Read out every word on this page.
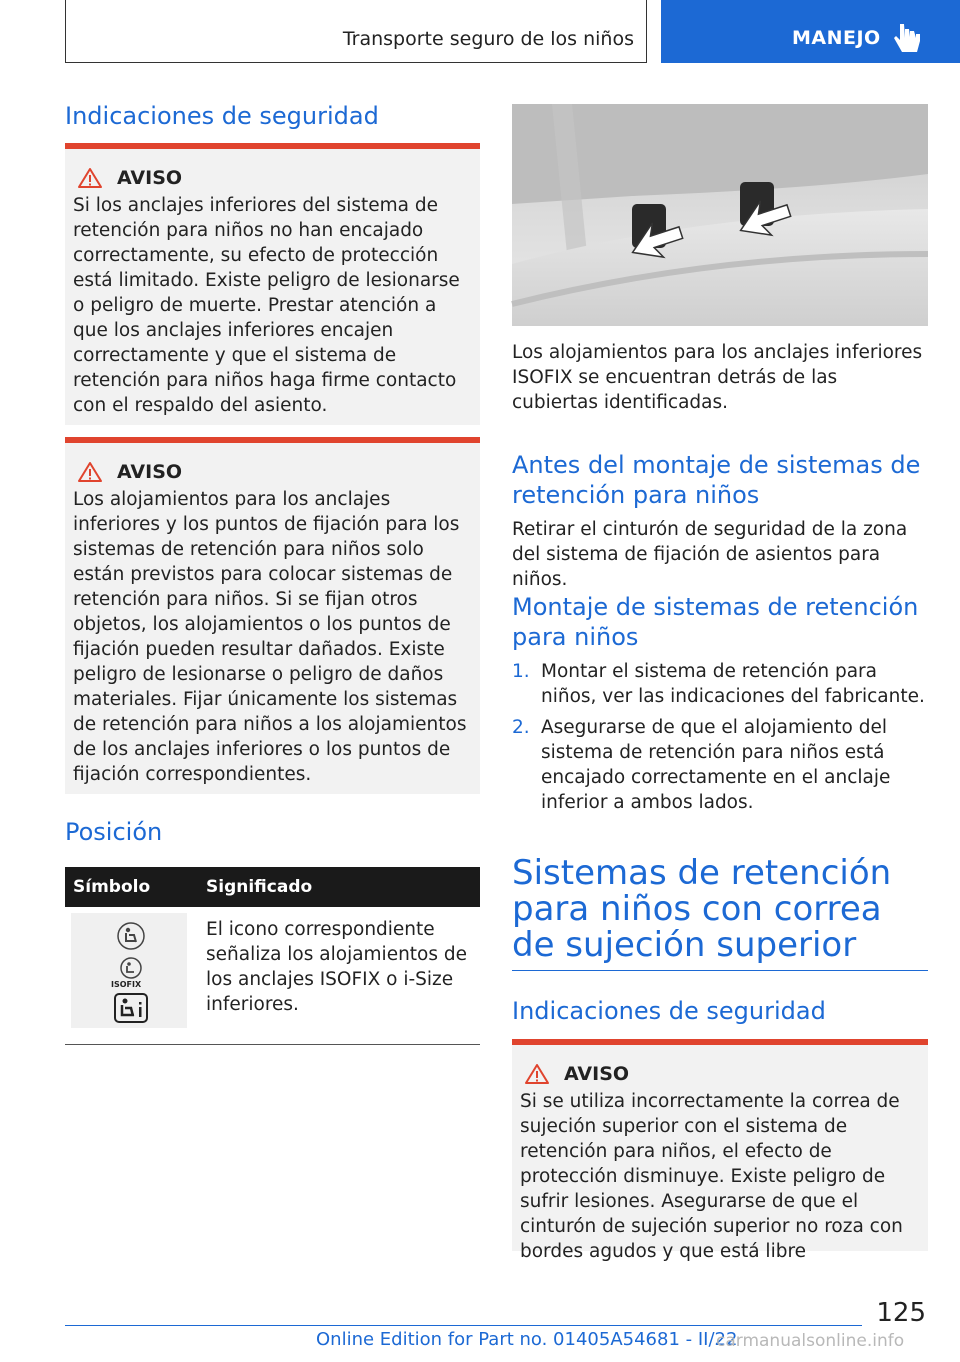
Transporte seguro de los niños	MANEJO
Indicaciones de seguridad
AVISO
Si los anclajes inferiores del sistema de retención para niños no han encajado correctamente, su efecto de protección está limitado. Existe peligro de lesionarse o peligro de muerte. Prestar atención a que los anclajes inferiores encajen correctamente y que el sistema de retención para niños haga firme contacto con el respaldo del asiento.
AVISO
Los alojamientos para los anclajes inferiores y los puntos de fijación para los sistemas de retención para niños solo están previstos para colocar sistemas de retención para niños. Si se fijan otros objetos, los alojamientos o los puntos de fijación pueden resultar dañados. Existe peligro de lesionarse o peligro de daños materiales. Fijar únicamente los sistemas de retención para niños a los alojamientos de los anclajes inferiores o los puntos de fijación correspondientes.
Posición
Símbolo	Significado

ISOFIX	El icono correspondiente señaliza los alojamientos de los anclajes ISOFIX o i-Size inferiores.
Los alojamientos para los anclajes inferiores ISOFIX se encuentran detrás de las cubiertas identificadas.
Antes del montaje de sistemas de retención para niños
Retirar el cinturón de seguridad de la zona del sistema de fijación de asientos para niños.
Montaje de sistemas de retención para niños
1. Montar el sistema de retención para niños, ver las indicaciones del fabricante.
2. Asegurarse de que el alojamiento del sistema de retención para niños está encajado correctamente en el anclaje inferior a ambos lados.
Sistemas de retención para niños con correa de sujeción superior
Indicaciones de seguridad
AVISO
Si se utiliza incorrectamente la correa de sujeción superior con el sistema de retención para niños, el efecto de protección disminuye. Existe peligro de sufrir lesiones. Asegurarse de que el cinturón de sujeción superior no roza con bordes agudos y que está libre
125
Online Edition for Part no. 01405A54681 - II/22
carmanualsonline.info
